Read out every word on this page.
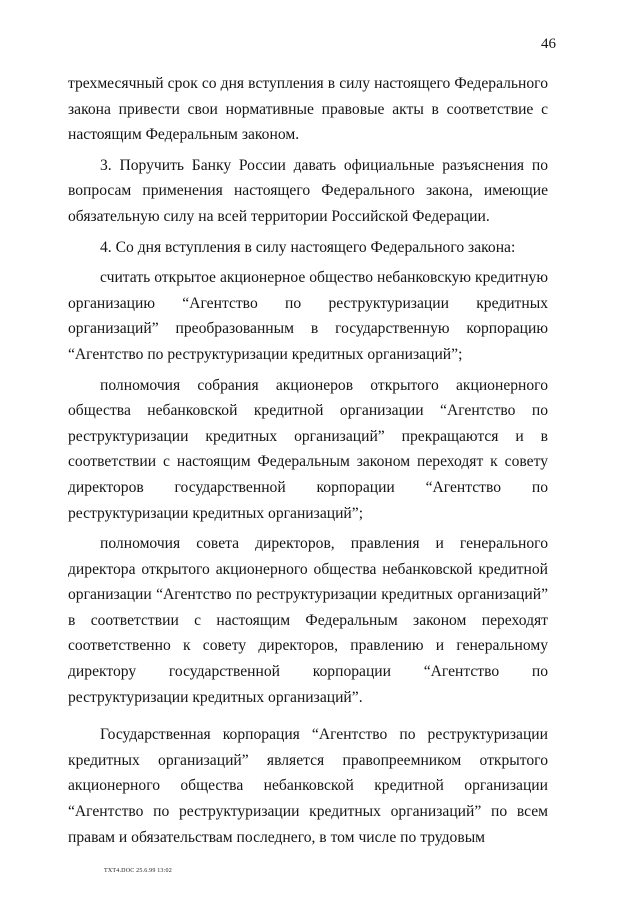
46

трехмесячный срок со дня вступления в силу настоящего Федерального закона привести свои нормативные правовые акты в соответствие с настоящим Федеральным законом.

3. Поручить Банку России давать официальные разъяснения по вопросам применения настоящего Федерального закона, имеющие обязательную силу на всей территории Российской Федерации.

4. Со дня вступления в силу настоящего Федерального закона:

считать открытое акционерное общество небанковскую кредитную организацию “Агентство по реструктуризации кредитных организаций” преобразованным в государственную корпорацию “Агентство по реструктуризации кредитных организаций”;

полномочия собрания акционеров открытого акционерного общества небанковской кредитной организации “Агентство по реструктуризации кредитных организаций” прекращаются и в соответствии с настоящим Федеральным законом переходят к совету директоров государственной корпорации “Агентство по реструктуризации кредитных организаций”;

полномочия совета директоров, правления и генерального директора открытого акционерного общества небанковской кредитной организации “Агентство по реструктуризации кредитных организаций” в соответствии с настоящим Федеральным законом переходят соответственно к совету директоров, правлению и генеральному директору государственной корпорации “Агентство по реструктуризации кредитных организаций”.

Государственная корпорация “Агентство по реструктуризации кредитных организаций” является правопреемником открытого акционерного общества небанковской кредитной организации “Агентство по реструктуризации кредитных организаций” по всем правам и обязательствам последнего, в том числе по трудовым

TXT4.DOC 25.6.99 13:02
